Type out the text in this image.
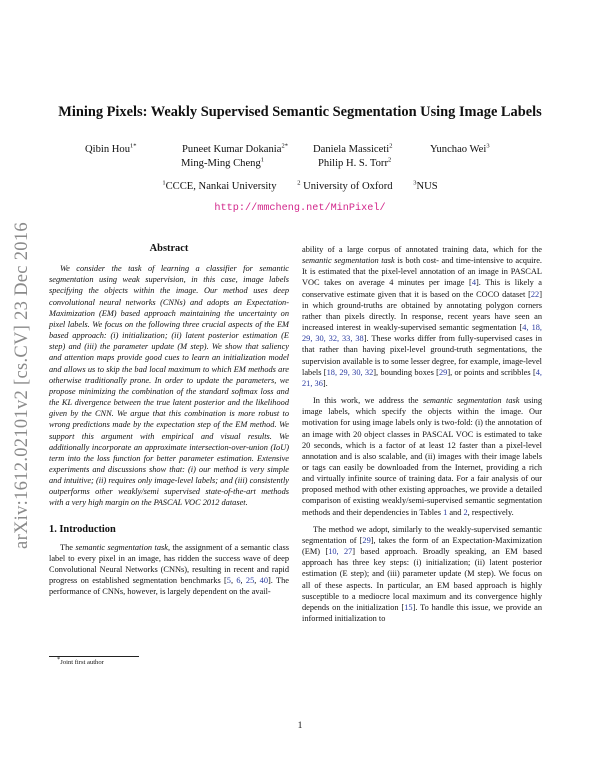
arXiv:1612.02101v2 [cs.CV] 23 Dec 2016
Mining Pixels: Weakly Supervised Semantic Segmentation Using Image Labels
Qibin Hou$^{1*}$	Puneet Kumar Dokania$^{2*}$ Daniela Massiceti$^2$	Yunchao Wei$^3$
Ming-Ming Cheng$^1$	Philip H. S. Torr$^2$
$^1$CCCE, Nankai University	$^2$ University of Oxford	$^3$NUS
http://mmcheng.net/MinPixel/
Abstract

We consider the task of learning a classifier for semantic segmentation using weak supervision, in this case, image labels specifying the objects within the image. Our method uses deep convolutional neural networks (CNNs) and adopts an Expectation-Maximization (EM) based approach maintaining the uncertainty on pixel labels. We focus on the following three crucial aspects of the EM based approach: (i) initialization; (ii) latent posterior estimation (E step) and (iii) the parameter update (M step). We show that saliency and attention maps provide good cues to learn an initialization model and allows us to skip the bad local maximum to which EM methods are otherwise traditionally prone. In order to update the parameters, we propose minimizing the combination of the standard softmax loss and the KL divergence between the true latent posterior and the likelihood given by the CNN. We argue that this combination is more robust to wrong predictions made by the expectation step of the EM method. We support this argument with empirical and visual results. We additionally incorporate an approximate intersection-over-union (IoU) term into the loss function for better parameter estimation. Extensive experiments and discussions show that: (i) our method is very simple and intuitive; (ii) requires only image-level labels; and (iii) consistently outperforms other weakly/semi supervised state-of-the-art methods with a very high margin on the PASCAL VOC 2012 dataset.

1. Introduction

The semantic segmentation task, the assignment of a semantic class label to every pixel in an image, has ridden the success wave of deep Convolutional Neural Networks (CNNs), resulting in recent and rapid progress on established segmentation benchmarks [5, 6, 25, 40]. The performance of CNNs, however, is largely dependent on the avail-

ability of a large corpus of annotated training data, which for the semantic segmentation task is both cost- and time-intensive to acquire. It is estimated that the pixel-level annotation of an image in PASCAL VOC takes on average 4 minutes per image [4]. This is likely a conservative estimate given that it is based on the COCO dataset [22] in which ground-truths are obtained by annotating polygon corners rather than pixels directly. In response, recent years have seen an increased interest in weakly-supervised semantic segmentation [4, 18, 29, 30, 32, 33, 38]. These works differ from fully-supervised cases in that rather than having pixel-level ground-truth segmentations, the supervision available is to some lesser degree, for example, image-level labels [18, 29, 30, 32], bounding boxes [29], or points and scribbles [4, 21, 36].

In this work, we address the semantic segmentation task using image labels, which specify the objects within the image. Our motivation for using image labels only is two-fold: (i) the annotation of an image with 20 object classes in PASCAL VOC is estimated to take 20 seconds, which is a factor of at least 12 faster than a pixel-level annotation and is also scalable, and (ii) images with their image labels or tags can easily be downloaded from the Internet, providing a rich and virtually infinite source of training data. For a fair analysis of our proposed method with other existing approaches, we provide a detailed comparison of existing weakly/semi-supervised semantic segmentation methods and their dependencies in Tables 1 and 2, respectively.

The method we adopt, similarly to the weakly-supervised semantic segmentation of [29], takes the form of an Expectation-Maximization (EM) [10, 27] based approach. Broadly speaking, an EM based approach has three key steps: (i) initialization; (ii) latent posterior estimation (E step); and (iii) parameter update (M step). We focus on all of these aspects. In particular, an EM based approach is highly susceptible to a mediocre local maximum and its convergence highly depends on the initialization [15]. To handle this issue, we provide an informed initialization to

*Joint first author
1
